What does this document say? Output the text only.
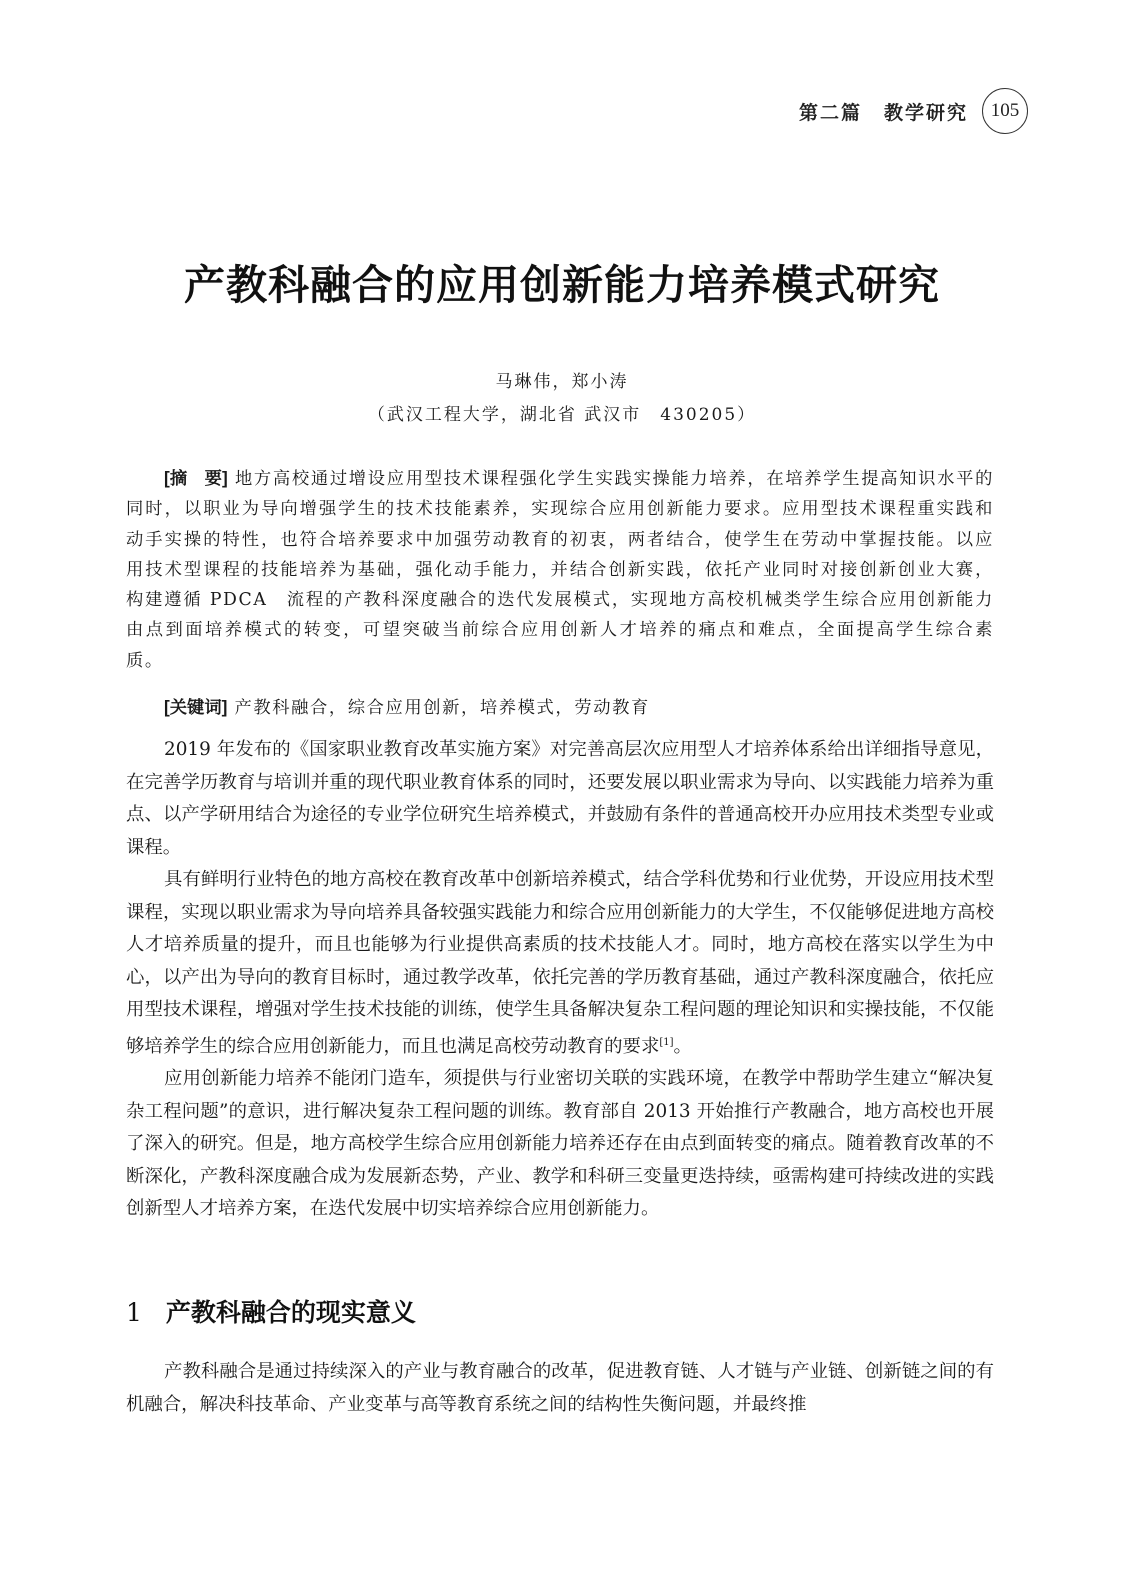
第二篇 教学研究	105
产教科融合的应用创新能力培养模式研究
马琳伟，郑小涛
（武汉工程大学，湖北省 武汉市　430205）
[摘　要] 地方高校通过增设应用型技术课程强化学生实践实操能力培养，在培养学生提高知识水平的同时，以职业为导向增强学生的技术技能素养，实现综合应用创新能力要求。应用型技术课程重实践和动手实操的特性，也符合培养要求中加强劳动教育的初衷，两者结合，使学生在劳动中掌握技能。以应用技术型课程的技能培养为基础，强化动手能力，并结合创新实践，依托产业同时对接创新创业大赛，构建遵循 PDCA　流程的产教科深度融合的迭代发展模式，实现地方高校机械类学生综合应用创新能力由点到面培养模式的转变，可望突破当前综合应用创新人才培养的痛点和难点，全面提高学生综合素质。
[关键词] 产教科融合，综合应用创新，培养模式，劳动教育

2019 年发布的《国家职业教育改革实施方案》对完善高层次应用型人才培养体系给出详细指导意见，在完善学历教育与培训并重的现代职业教育体系的同时，还要发展以职业需求为导向、以实践能力培养为重点、以产学研用结合为途径的专业学位研究生培养模式，并鼓励有条件的普通高校开办应用技术类型专业或课程。

具有鲜明行业特色的地方高校在教育改革中创新培养模式，结合学科优势和行业优势，开设应用技术型课程，实现以职业需求为导向培养具备较强实践能力和综合应用创新能力的大学生，不仅能够促进地方高校人才培养质量的提升，而且也能够为行业提供高素质的技术技能人才。同时，地方高校在落实以学生为中心，以产出为导向的教育目标时，通过教学改革，依托完善的学历教育基础，通过产教科深度融合，依托应用型技术课程，增强对学生技术技能的训练，使学生具备解决复杂工程问题的理论知识和实操技能，不仅能够培养学生的综合应用创新能力，而且也满足高校劳动教育的要求[1]。

应用创新能力培养不能闭门造车，须提供与行业密切关联的实践环境，在教学中帮助学生建立“解决复杂工程问题”的意识，进行解决复杂工程问题的训练。教育部自 2013 开始推行产教融合，地方高校也开展了深入的研究。但是，地方高校学生综合应用创新能力培养还存在由点到面转变的痛点。随着教育改革的不断深化，产教科深度融合成为发展新态势，产业、教学和科研三变量更迭持续，亟需构建可持续改进的实践创新型人才培养方案，在迭代发展中切实培养综合应用创新能力。

1 产教科融合的现实意义

产教科融合是通过持续深入的产业与教育融合的改革，促进教育链、人才链与产业链、创新链之间的有机融合，解决科技革命、产业变革与高等教育系统之间的结构性失衡问题，并最终推
